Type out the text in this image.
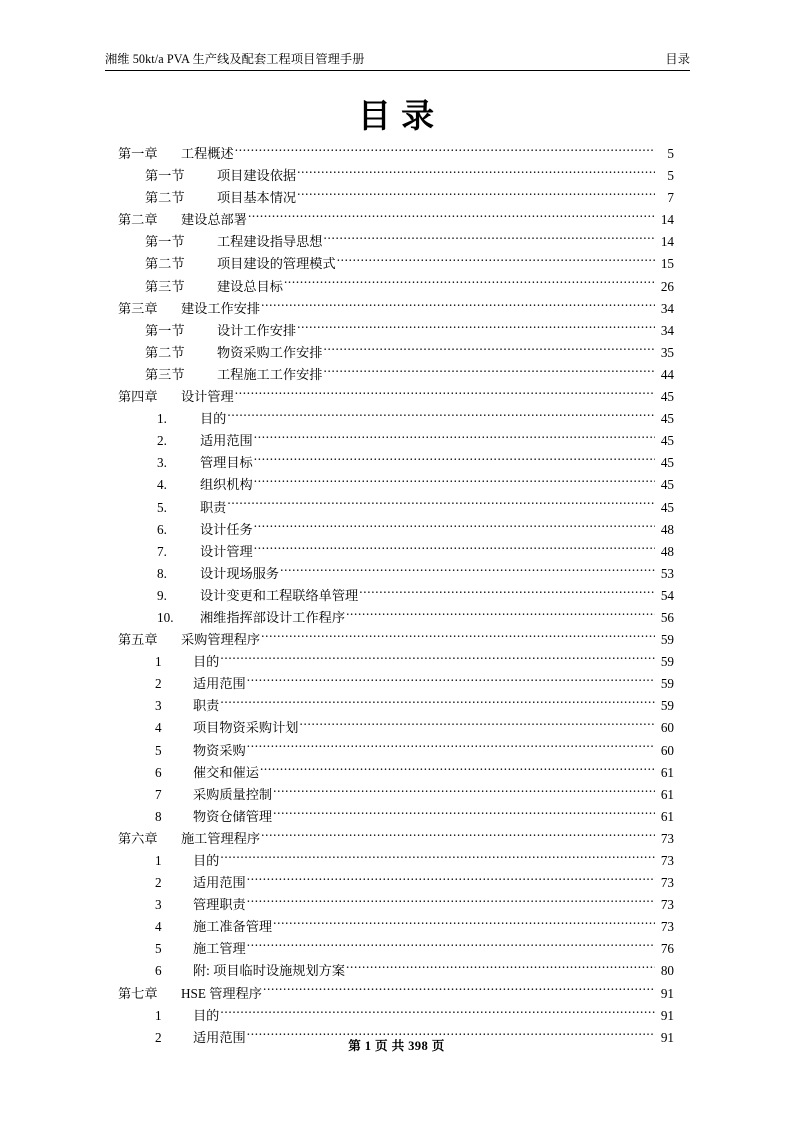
湘维 50kt/a PVA 生产线及配套工程项目管理手册	目录
目 录
第一章	工程概述 .....	5
第一节	项目建设依据 .....	5
第二节	项目基本情况 .....	7
第二章	建设总部署 .....	14
第一节	工程建设指导思想 .....	14
第二节	项目建设的管理模式 .....	15
第三节	建设总目标 .....	26
第三章	建设工作安排 .....	34
第一节	设计工作安排 .....	34
第二节	物资采购工作安排 .....	35
第三节	工程施工工作安排 .....	44
第四章	设计管理 .....	45
1.	目的 .....	45
2.	适用范围 .....	45
3.	管理目标 .....	45
4.	组织机构 .....	45
5.	职责 .....	45
6.	设计任务 .....	48
7.	设计管理 .....	48
8.	设计现场服务 .....	53
9.	设计变更和工程联络单管理 .....	54
10.	湘维指挥部设计工作程序 .....	56
第五章	采购管理程序 .....	59
1	目的 .....	59
2	适用范围 .....	59
3	职责 .....	59
4	项目物资采购计划 .....	60
5	物资采购 .....	60
6	催交和催运 .....	61
7	采购质量控制 .....	61
8	物资仓储管理 .....	61
第六章	施工管理程序 .....	73
1	目的 .....	73
2	适用范围 .....	73
3	管理职责 .....	73
4	施工准备管理 .....	73
5	施工管理 .....	76
6	附: 项目临时设施规划方案 .....	80
第七章	HSE 管理程序 .....	91
1	目的 .....	91
2	适用范围 .....	91
第 1 页 共 398 页
